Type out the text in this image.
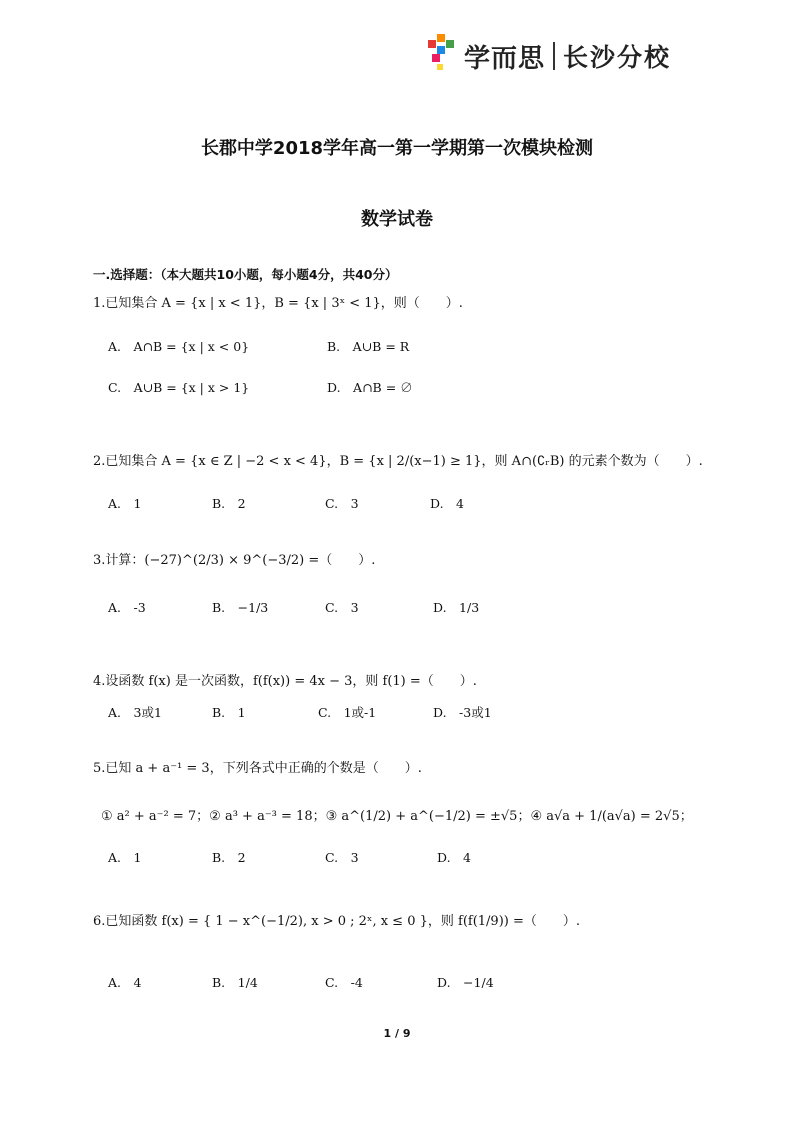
学而思 长沙分校
长郡中学2018学年高一第一学期第一次模块检测
数学试卷
一.选择题：（本大题共10小题，每小题4分，共40分）
1.已知集合 A = {x | x < 1}，B = {x | 3ˣ < 1}，则（　　）.
A.　A∩B = {x | x < 0}	B.　A∪B = R
C.　A∪B = {x | x > 1}	D.　A∩B = ∅
2.已知集合 A = {x ∈ Z | −2 < x < 4}，B = {x | 2/(x−1) ≥ 1}，则 A∩(∁ᵣB) 的元素个数为（　　）.
A.　1	B.　2	C.　3	D.　4
3.计算：(−27)^(2/3) × 9^(−3/2) =（　　）.
A.　-3	B.　−1/3	C.　3	D.　1/3
4.设函数 f(x) 是一次函数，f(f(x)) = 4x − 3，则 f(1) =（　　）.
A.　3或1	B.　1	C.　1或-1	D.　-3或1
5.已知 a + a⁻¹ = 3，下列各式中正确的个数是（　　）.
① a² + a⁻² = 7；② a³ + a⁻³ = 18；③ a^(1/2) + a^(−1/2) = ±√5；④ a√a + 1/(a√a) = 2√5；
A.　1	B.　2	C.　3	D.　4
6.已知函数 f(x) = { 1 − x^(−1/2), x > 0 ; 2ˣ, x ≤ 0 }，则 f(f(1/9)) =（　　）.
A.　4	B.　1/4	C.　-4	D.　−1/4
1 / 9
